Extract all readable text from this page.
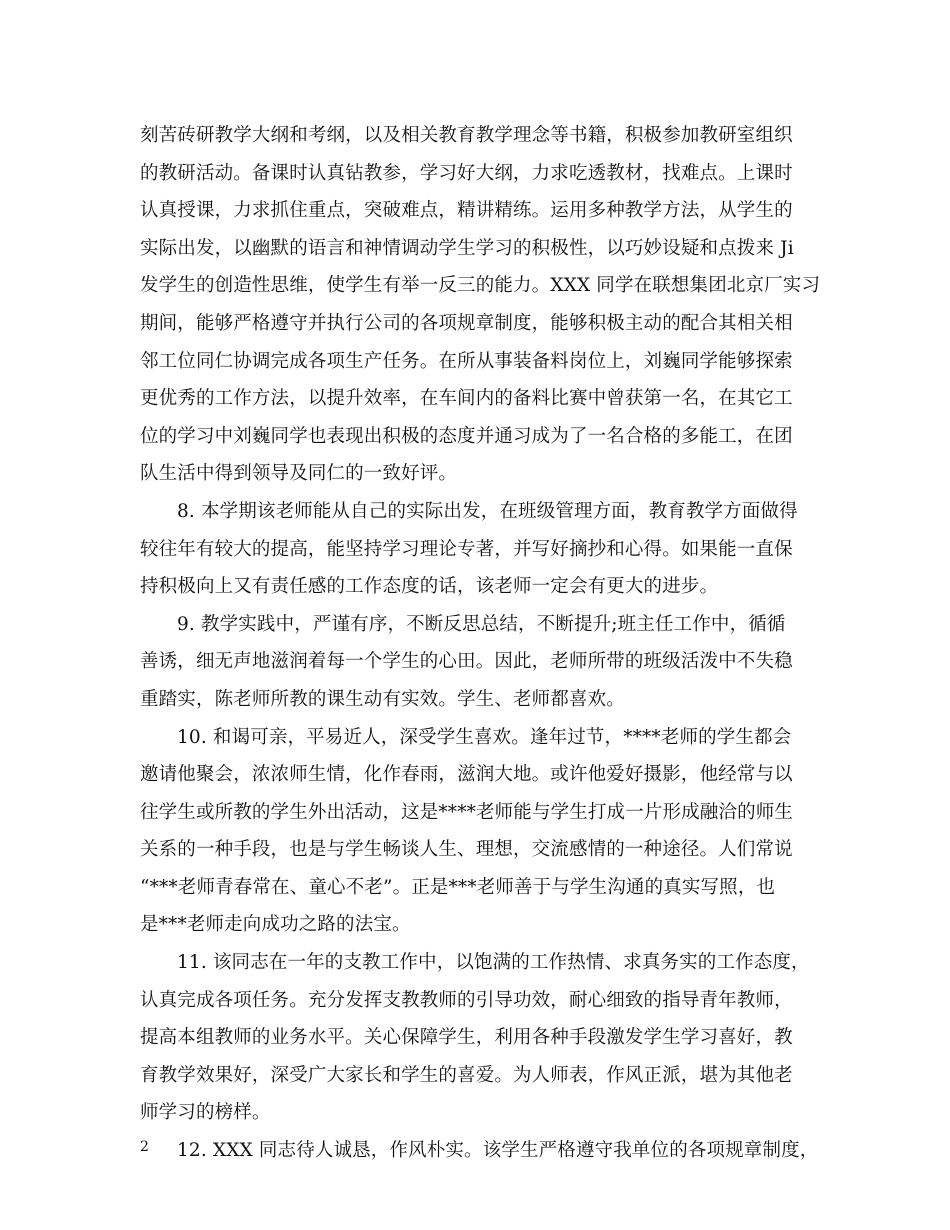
刻苦砖研教学大纲和考纲，以及相关教育教学理念等书籍，积极参加教研室组织
的教研活动。备课时认真钻教参，学习好大纲，力求吃透教材，找难点。上课时
认真授课，力求抓住重点，突破难点，精讲精练。运用多种教学方法，从学生的
实际出发，以幽默的语言和神情调动学生学习的积极性，以巧妙设疑和点拨来 Ji
发学生的创造性思维，使学生有举一反三的能力。XXX 同学在联想集团北京厂实习
期间，能够严格遵守并执行公司的各项规章制度，能够积极主动的配合其相关相
邻工位同仁协调完成各项生产任务。在所从事装备料岗位上，刘巍同学能够探索
更优秀的工作方法，以提升效率，在车间内的备料比赛中曾获第一名，在其它工
位的学习中刘巍同学也表现出积极的态度并通习成为了一名合格的多能工，在团
队生活中得到领导及同仁的一致好评。
8. 本学期该老师能从自己的实际出发，在班级管理方面，教育教学方面做得
较往年有较大的提高，能坚持学习理论专著，并写好摘抄和心得。如果能一直保
持积极向上又有责任感的工作态度的话，该老师一定会有更大的进步。
9. 教学实践中，严谨有序，不断反思总结，不断提升;班主任工作中，循循
善诱，细无声地滋润着每一个学生的心田。因此，老师所带的班级活泼中不失稳
重踏实，陈老师所教的课生动有实效。学生、老师都喜欢。
10. 和谒可亲，平易近人，深受学生喜欢。逢年过节，****老师的学生都会
邀请他聚会，浓浓师生情，化作春雨，滋润大地。或许他爱好摄影，他经常与以
往学生或所教的学生外出活动，这是****老师能与学生打成一片形成融洽的师生
关系的一种手段，也是与学生畅谈人生、理想，交流感情的一种途径。人们常说
“***老师青春常在、童心不老”。正是***老师善于与学生沟通的真实写照，也
是***老师走向成功之路的法宝。
11. 该同志在一年的支教工作中，以饱满的工作热情、求真务实的工作态度，
认真完成各项任务。充分发挥支教教师的引导功效，耐心细致的指导青年教师，
提高本组教师的业务水平。关心保障学生，利用各种手段激发学生学习喜好，教
育教学效果好，深受广大家长和学生的喜爱。为人师表，作风正派，堪为其他老
师学习的榜样。
12. XXX 同志待人诚恳，作风朴实。该学生严格遵守我单位的各项规章制度，
2
